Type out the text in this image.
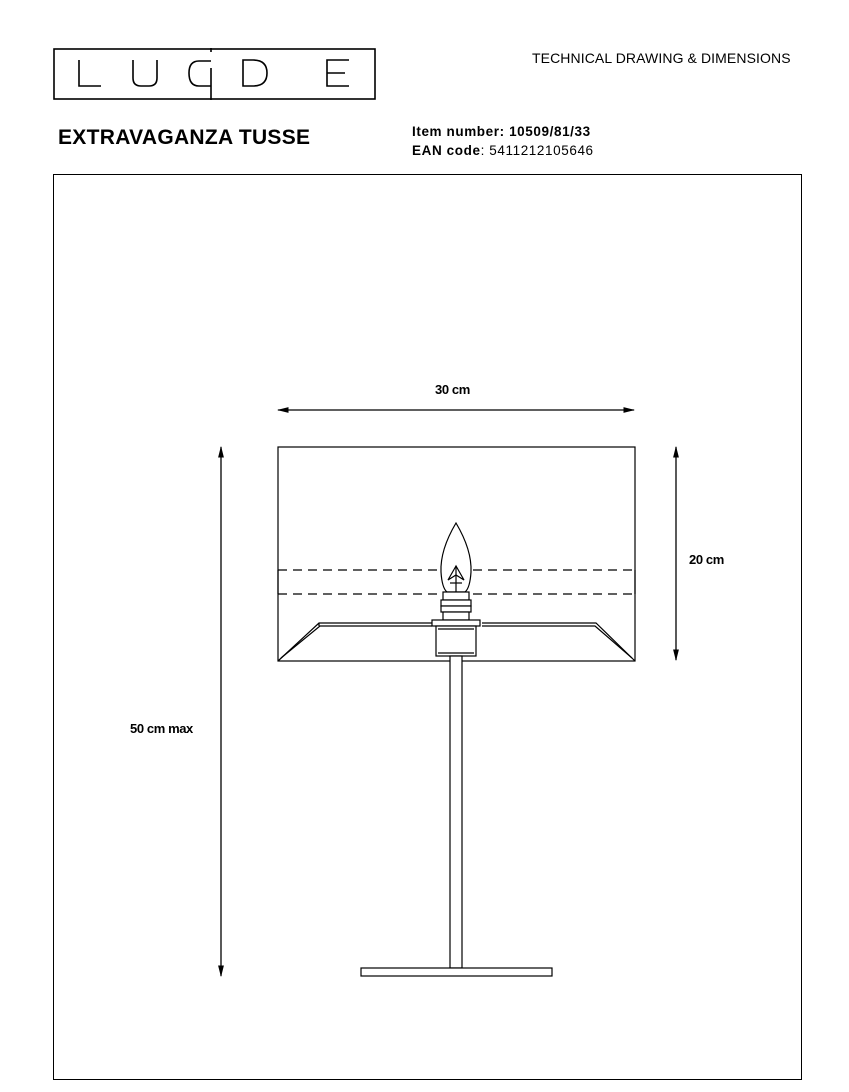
TECHNICAL DRAWING & DIMENSIONS
EXTRAVAGANZA TUSSE	Item number: 10509/81/33
EAN code: 5411212105646
30 cm
20 cm
50 cm max
